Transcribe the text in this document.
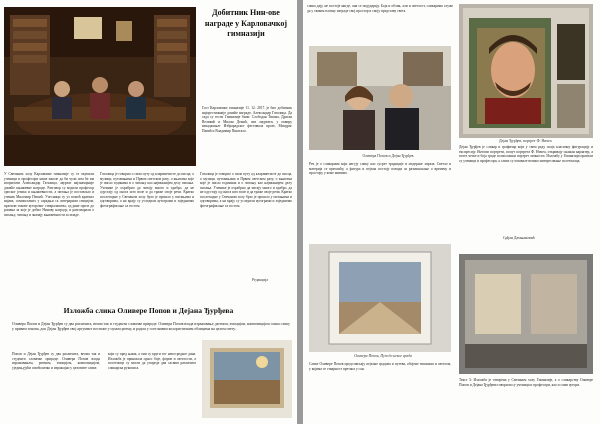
Добитник Нин-ове награде у Карловачкој гимназији

Гост Карловачке гимназије 11. 12. 2017. је био добитник најпрестижније домаће награде, Александар Гаталица. Да сада су гости Гимназије били: Слободан Тишма, Драган Великић и Милан Дежић, сви лауреати, у оквиру некадашњег Избрарадског фестивала прозе, Миодраг Павић и Владимир Пиштало.

У Свечаном холу Карловачке гимназије су се окупили ученици и професори наше школе да би чули шта ће им испричати Александар Гаталица, лауреат најзначајније домаће књижевне награде. Разговор су водили професор српског језика и књижевности, а питања је постављао и ученик Миломир Пешић. Учесници су уз помоћ кратких најава, осмишљених у сарадњи са литерарном секцијом, пратили токове ауторовог стваралаштва, од ране прозе до романа за које је добио Нинову награду, и разговарали о писању, читању и значају књижевности за младе.

Гаталица је говорио о свом путу од кларинетисте до писца, о музици, путовањима и Првом светском рату, о књигама које је писао годинама и о читању као најважнијем делу писања. Ученике је охрабрио да читају много и храбро, да не одустају од онога што воле и да траже своје речи. Кратко послеподне у Свечаном холу брзо је прошло у питањима и одговорима, а на крају су уследили аутограми и заједничко фотографисање са гостом.

Гаталица је говорио о свом путу од кларинетисте до писца, о музици, путовањима и Првом светском рату, о књигама које је писао годинама и о читању као најважнијем делу писања. Ученике је охрабрио да читају много и храбро, да не одустају од онога што воле и да траже своје речи. Кратко послеподне у Свечаном холу брзо је прошло у питањима и одговорима, а на крају су уследили аутограми и заједничко фотографисање са гостом.

Редакција

Изложба слика Оливере Попов и Дејана Ђурђева

Оливера Попов и Дејан Ђурђев су два различита, веома так и студенти словачке природе. Оливера Попов влада изражавање, ритмом, емоцијом, композицијом слика слику у правим тонова, док Дејан Ђурђев свој аргумент постиже у пуном ритму, и радом у осетљивим колористичким облицима на целом свету.

Попов и Дејан Ђурђев су два различита, веома так и студенти словачке природе. Оливера Попов влада изражавањем, ритмом, емоцијом, композицијом, уједињујући симболичко и изражајно у целовите слике.

који су пред њима, а они су круги тог непосредног дана. Изложба је приказала однос боје, форме и светлости, а посетиоци су могли да упореде два сасвим различита сликарска рукописа.

слика дају, не постоје нигде, она се подударају. Боја и облик, али и светлост, сликарима служе да у сваком платну изграде свој простор и своју представу света.

Оливера Попов и Дејан Ђурђев

Реч је о сликарима који негују слику као сусрет традиције и модерног израза. Светло и материја се преплићу, а фигура и пејзаж постају поводи за размишљање о времену и простору у коме живимо.

Дејан Ђурђев, портрет Ф. Ничеа

Дејан Ђурђев је сликар и графичар који у свом раду спаја класичну фигурацију и експресију. Његови портрети, попут портрета Ф. Ничеа, откривају снажан карактер, а потез четке и боја граде психолошки портрет личности. Изложбу у Гимназији пратили су ученици и професори, а слике су изазвале велико интересовање посетилаца.

Срђан Дамњановић

Оливера Попов, Пут до неког града

Слике Оливере Попов представљају пејзаже градова и путева, обојене тишином и светлом, у којима се стварност претапа у сан.

Текст 3: Изложба је отворена у Свечаном холу Гимназије, а о сликарству Оливере Попов и Дејана Ђурђева говорили су ученици и професори, као и сами аутори.
